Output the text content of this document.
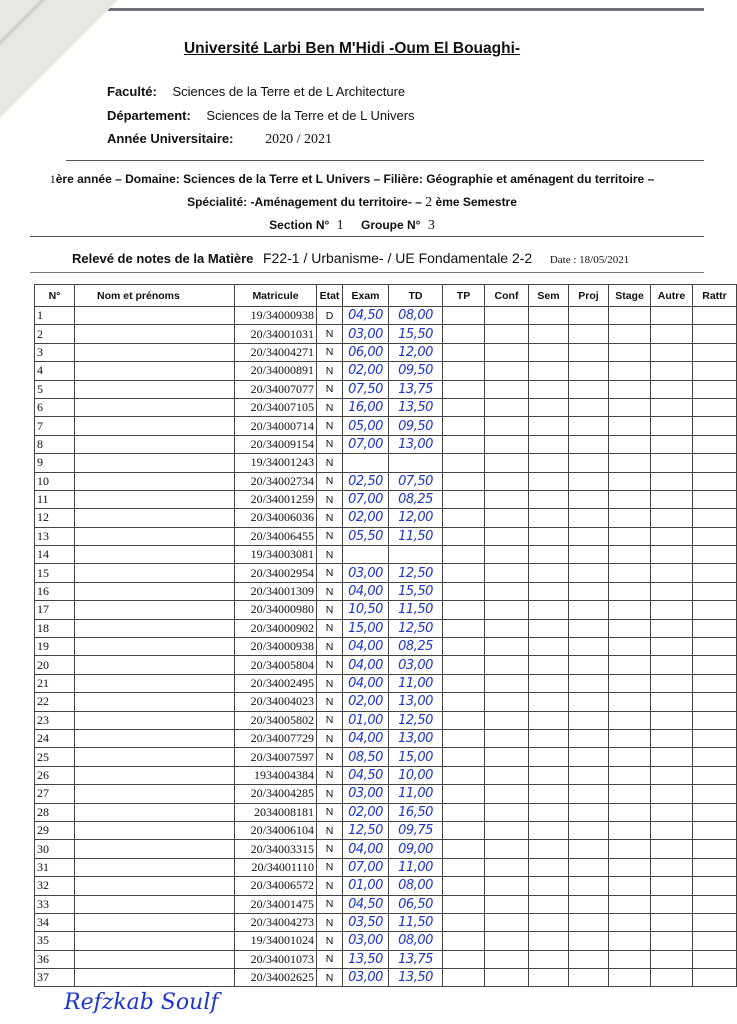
Université Larbi Ben M'Hidi -Oum El Bouaghi-
Faculté: Sciences de la Terre et de L Architecture
Département: Sciences de la Terre et de L Univers
Année Universitaire: 2020 / 2021
1ère année – Domaine: Sciences de la Terre et L Univers – Filière: Géographie et aménagent du territoire –
Spécialité: -Aménagement du territoire- – 2 ème Semestre
Section N° 1 Groupe N° 3
Relevé de notes de la Matière F22-1 / Urbanisme- / UE Fondamentale 2-2 Date : 18/05/2021
N°	Nom et prénoms	Matricule	Etat	Exam	TD	TP	Conf	Sem	Proj	Stage	Autre	Rattr
1		19/34000938	D	04,50	08,00							
2		20/34001031	N	03,00	15,50							
3		20/34004271	N	06,00	12,00							
4		20/34000891	N	02,00	09,50							
5		20/34007077	N	07,50	13,75							
6		20/34007105	N	16,00	13,50							
7		20/34000714	N	05,00	09,50							
8		20/34009154	N	07,00	13,00							
9		19/34001243	N									
10		20/34002734	N	02,50	07,50							
11		20/34001259	N	07,00	08,25							
12		20/34006036	N	02,00	12,00							
13		20/34006455	N	05,50	11,50							
14		19/34003081	N									
15		20/34002954	N	03,00	12,50							
16		20/34001309	N	04,00	15,50							
17		20/34000980	N	10,50	11,50							
18		20/34000902	N	15,00	12,50							
19		20/34000938	N	04,00	08,25							
20		20/34005804	N	04,00	03,00							
21		20/34002495	N	04,00	11,00							
22		20/34004023	N	02,00	13,00							
23		20/34005802	N	01,00	12,50							
24		20/34007729	N	04,00	13,00							
25		20/34007597	N	08,50	15,00							
26		1934004384	N	04,50	10,00							
27		20/34004285	N	03,00	11,00							
28		2034008181	N	02,00	16,50							
29		20/34006104	N	12,50	09,75							
30		20/34003315	N	04,00	09,00							
31		20/34001110	N	07,00	11,00							
32		20/34006572	N	01,00	08,00							
33		20/34001475	N	04,50	06,50							
34		20/34004273	N	03,50	11,50							
35		19/34001024	N	03,00	08,00							
36		20/34001073	N	13,50	13,75							
37		20/34002625	N	03,00	13,50							
Refzkab Soulf
